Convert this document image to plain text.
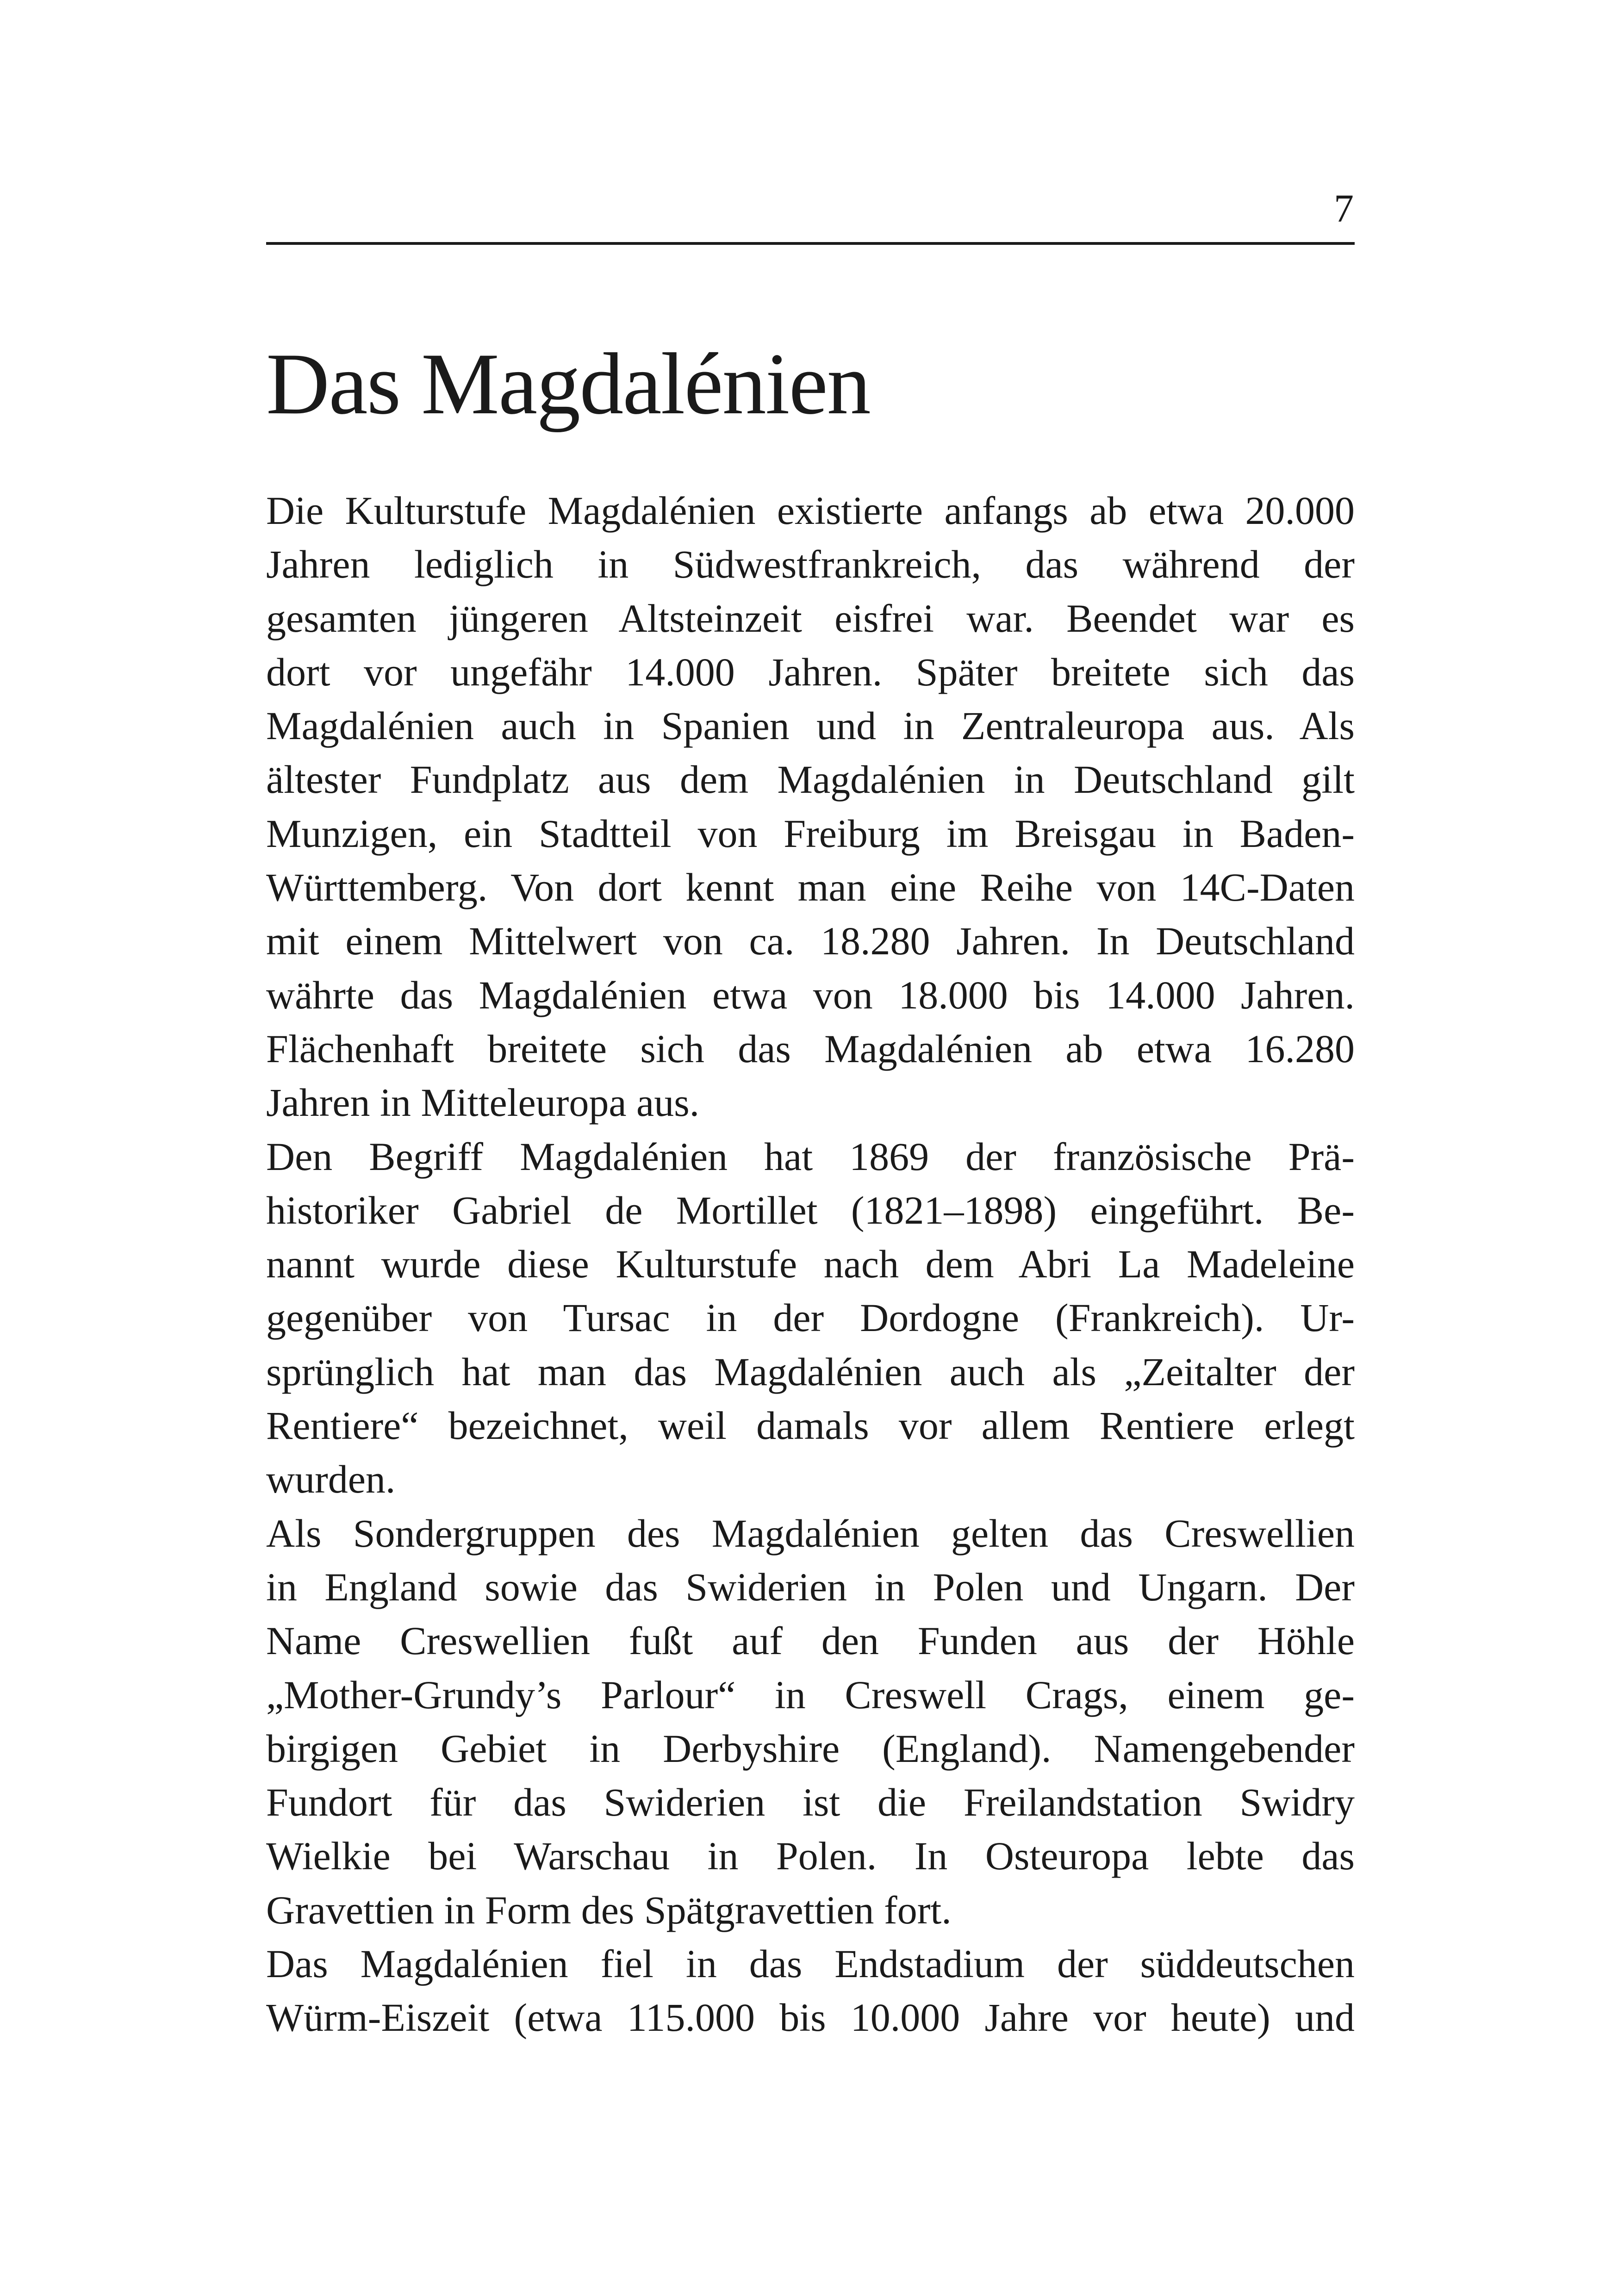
7
Das Magdalénien
Die Kulturstufe Magdalénien existierte anfangs ab etwa 20.000
Jahren lediglich in Südwestfrankreich, das während der
gesamten jüngeren Altsteinzeit eisfrei war. Beendet war es
dort vor ungefähr 14.000 Jahren. Später breitete sich das
Magdalénien auch in Spanien und in Zentraleuropa aus. Als
ältester Fundplatz aus dem Magdalénien in Deutschland gilt
Munzigen, ein Stadtteil von Freiburg im Breisgau in Baden-
Württemberg. Von dort kennt man eine Reihe von 14C-Daten
mit einem Mittelwert von ca. 18.280 Jahren. In Deutschland
währte das Magdalénien etwa von 18.000 bis 14.000 Jahren.
Flächenhaft breitete sich das Magdalénien ab etwa 16.280
Jahren in Mitteleuropa aus.
Den Begriff Magdalénien hat 1869 der französische Prä-
historiker Gabriel de Mortillet (1821–1898) eingeführt. Be-
nannt wurde diese Kulturstufe nach dem Abri La Madeleine
gegenüber von Tursac in der Dordogne (Frankreich). Ur-
sprünglich hat man das Magdalénien auch als „Zeitalter der
Rentiere“ bezeichnet, weil damals vor allem Rentiere erlegt
wurden.
Als Sondergruppen des Magdalénien gelten das Creswellien
in England sowie das Swiderien in Polen und Ungarn. Der
Name Creswellien fußt auf den Funden aus der Höhle
„Mother-Grundy’s Parlour“ in Creswell Crags, einem ge-
birgigen Gebiet in Derbyshire (England). Namengebender
Fundort für das Swiderien ist die Freilandstation Swidry
Wielkie bei Warschau in Polen. In Osteuropa lebte das
Gravettien in Form des Spätgravettien fort.
Das Magdalénien fiel in das Endstadium der süddeutschen
Würm-Eiszeit (etwa 115.000 bis 10.000 Jahre vor heute) und
